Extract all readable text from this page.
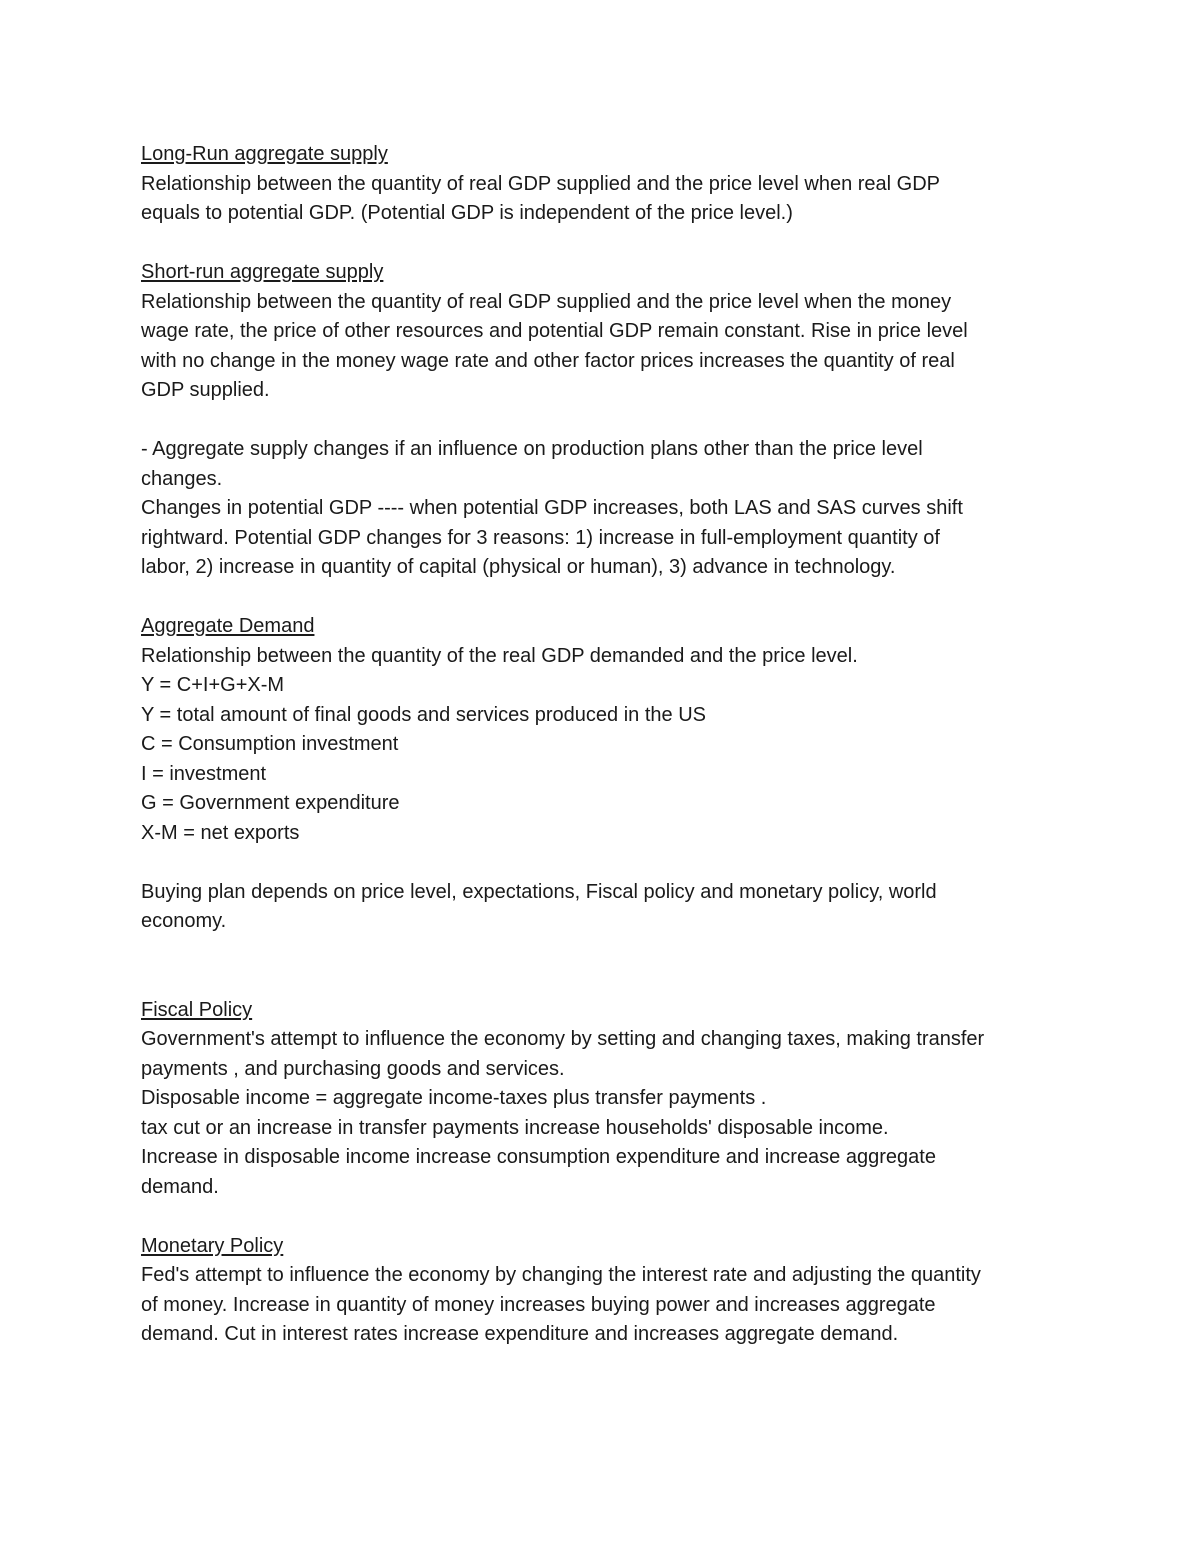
Long-Run aggregate supply
Relationship between the quantity of real GDP supplied and the price level when real GDP
equals to potential GDP. (Potential GDP is independent of the price level.)
Short-run aggregate supply
Relationship between the quantity of real GDP supplied and the price level when the money
wage rate, the price of other resources and potential GDP remain constant. Rise in price level
with no change in the money wage rate and other factor prices increases the quantity of real
GDP supplied.
- Aggregate supply changes if an influence on production plans other than the price level
changes.
Changes in potential GDP ---- when potential GDP increases, both LAS and SAS curves shift
rightward. Potential GDP changes for 3 reasons: 1) increase in full-employment quantity of
labor, 2) increase in quantity of capital (physical or human), 3) advance in technology.
Aggregate Demand
Relationship between the quantity of the real GDP demanded and the price level.
Y = C+I+G+X-M
Y = total amount of final goods and services produced in the US
C = Consumption investment
I = investment
G = Government expenditure
X-M = net exports
Buying plan depends on price level, expectations, Fiscal policy and monetary policy, world
economy.
Fiscal Policy
Government's attempt to influence the economy by setting and changing taxes, making transfer
payments , and purchasing goods and services.
Disposable income = aggregate income-taxes plus transfer payments .
tax cut or an increase in transfer payments increase households' disposable income.
Increase in disposable income increase consumption expenditure and increase aggregate
demand.
Monetary Policy
Fed's attempt to influence the economy by changing the interest rate and adjusting the quantity
of money. Increase in quantity of money increases buying power and increases aggregate
demand. Cut in interest rates increase expenditure and increases aggregate demand.
